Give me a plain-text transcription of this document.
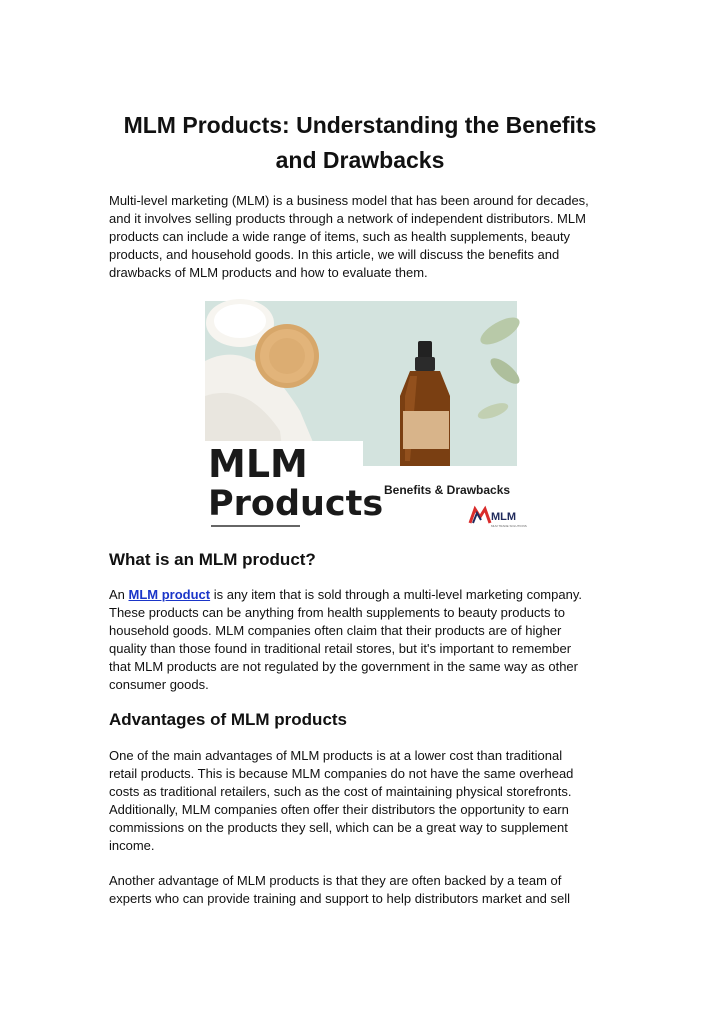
MLM Products: Understanding the Benefits
and Drawbacks

Multi-level marketing (MLM) is a business model that has been around for decades,
and it involves selling products through a network of independent distributors. MLM
products can include a wide range of items, such as health supplements, beauty
products, and household goods. In this article, we will discuss the benefits and
drawbacks of MLM products and how to evaluate them.

MLM
Products Benefits & Drawbacks
MLM
MLM TRADE SOLUTIONS
What is an MLM product?

An MLM product is any item that is sold through a multi-level marketing company.
These products can be anything from health supplements to beauty products to
household goods. MLM companies often claim that their products are of higher
quality than those found in traditional retail stores, but it's important to remember
that MLM products are not regulated by the government in the same way as other
consumer goods.

Advantages of MLM products

One of the main advantages of MLM products is at a lower cost than traditional
retail products. This is because MLM companies do not have the same overhead
costs as traditional retailers, such as the cost of maintaining physical storefronts.
Additionally, MLM companies often offer their distributors the opportunity to earn
commissions on the products they sell, which can be a great way to supplement
income.

Another advantage of MLM products is that they are often backed by a team of
experts who can provide training and support to help distributors market and sell
